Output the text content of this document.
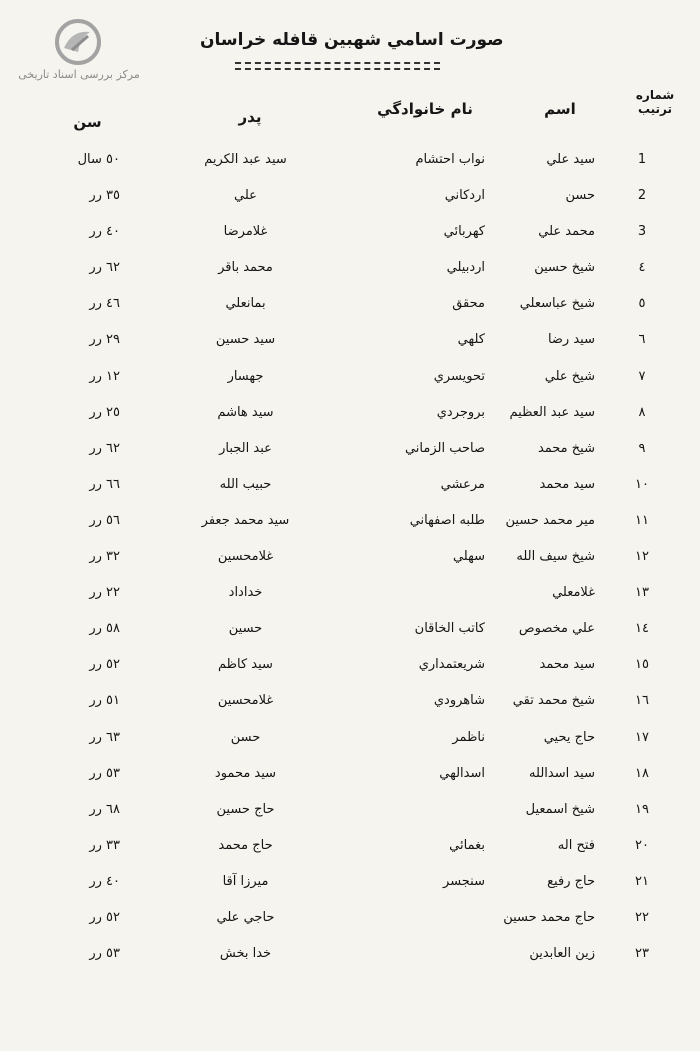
مرکز بررسی اسناد تاریخی
صورت اسامي شهبين قافله خراسان
شماره ترتيب
اسم
نام خانوادگي
پدر
سن
1
سيد علي
نواب احتشام
سيد عبد الكريم
٥٠ سال
2
حسن
اردكاني
علي
٣٥ رر
3
محمد علي
كهربائي
غلامرضا
٤٠ رر
٤
شيخ حسين
اردبيلي
محمد باقر
٦٢ رر
٥
شيخ عباسعلي
محقق
بمانعلي
٤٦ رر
٦
سيد رضا
كلهي
سيد حسين
٢٩ رر
٧
شيخ علي
تحويسري
جهسار
١٢ رر
٨
سيد عبد العظيم
بروجردي
سيد هاشم
٢٥ رر
٩
شيخ محمد
صاحب الزماني
عبد الجبار
٦٢ رر
١٠
سيد محمد
مرعشي
حبيب الله
٦٦ رر
١١
مير محمد حسين
طلبه اصفهاني
سيد محمد جعفر
٥٦ رر
١٢
شيخ سيف الله
سهلي
غلامحسين
٣٢ رر
١٣
غلامعلي
خداداد
٢٢ رر
١٤
علي مخصوص
كاتب الخاقان
حسين
٥٨ رر
١٥
سيد محمد
شريعتمداري
سيد كاظم
٥٢ رر
١٦
شيخ محمد تقي
شاهرودي
غلامحسين
٥١ رر
١٧
حاج يحيي
ناظمر
حسن
٦٣ رر
١٨
سيد اسدالله
اسدالهي
سيد محمود
٥٣ رر
١٩
شيخ اسمعيل
حاج حسين
٦٨ رر
٢٠
فتح اله
بغمائي
حاج محمد
٣٣ رر
٢١
حاج رفيع
سنجسر
ميرزا آقا
٤٠ رر
٢٢
حاج محمد حسين
حاجي علي
٥٢ رر
٢٣
زين العابدين
خدا بخش
٥٣ رر
